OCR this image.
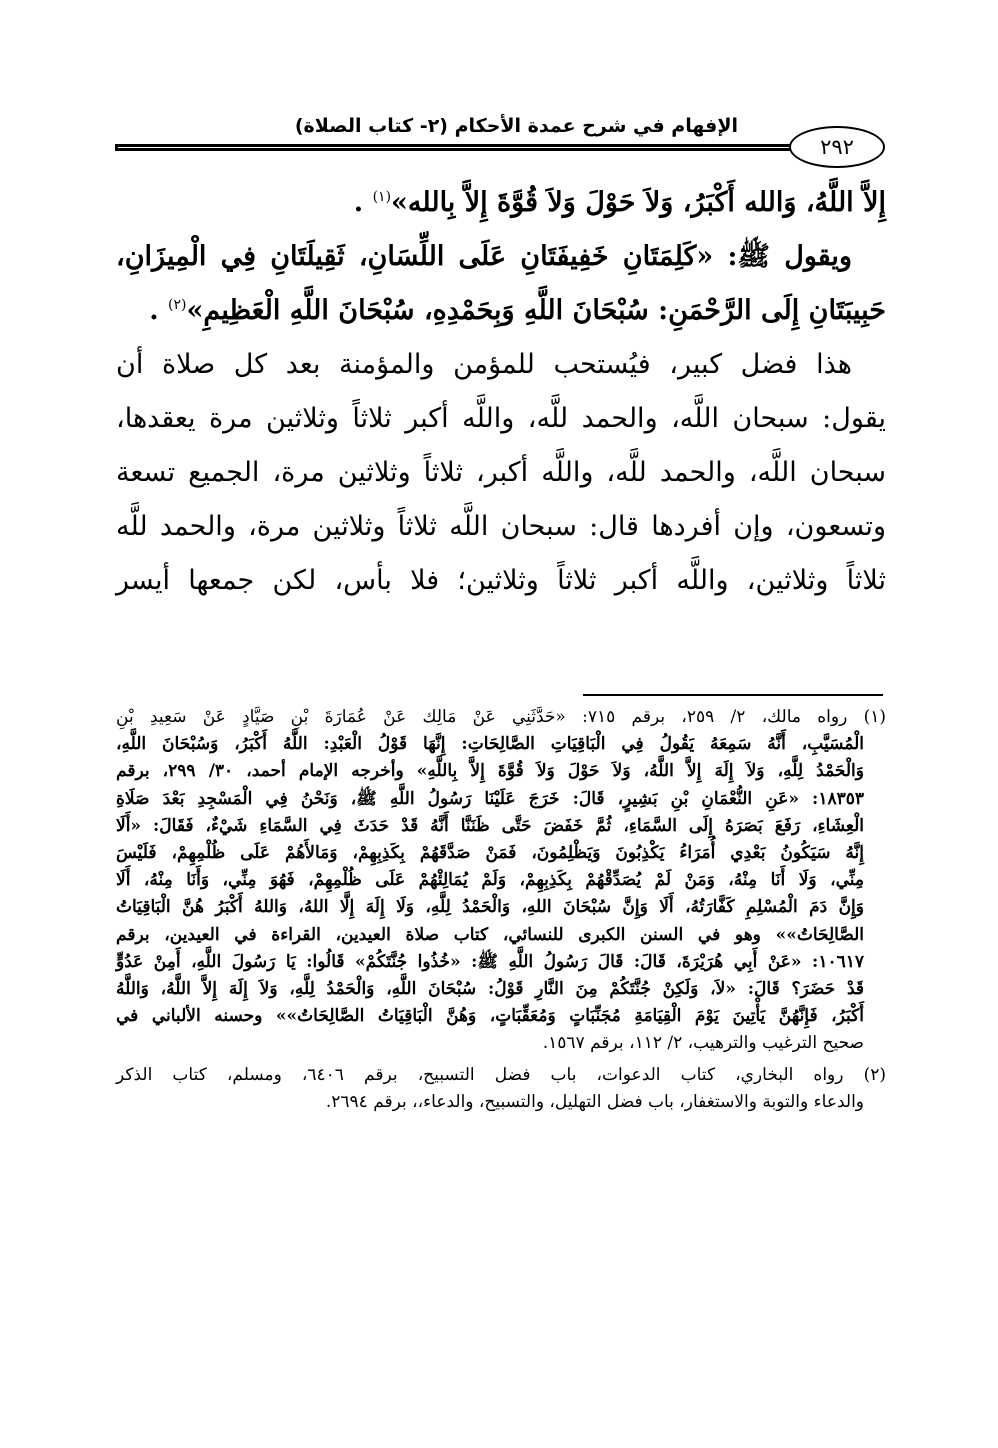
الإفهام في شرح عمدة الأحكام (٢- كتاب الصلاة)
٢٩٢
إِلاَّ اللَّهُ، وَالله أَكْبَرُ، وَلاَ حَوْلَ وَلاَ قُوَّةَ إِلاَّ بِالله»$^{(١)}$ .
ويقول ﷺ: «كَلِمَتَانِ خَفِيفَتَانِ عَلَى اللِّسَانِ، ثَقِيلَتَانِ فِي الْمِيزَانِ،
حَبِيبَتَانِ إِلَى الرَّحْمَنِ: سُبْحَانَ اللَّهِ وَبِحَمْدِهِ، سُبْحَانَ اللَّهِ الْعَظِيمِ»$^{(٢)}$ .
هذا فضل كبير، فيُستحب للمؤمن والمؤمنة بعد كل صلاة أن
يقول: سبحان اللَّه، والحمد للَّه، واللَّه أكبر ثلاثاً وثلاثين مرة يعقدها،
سبحان اللَّه، والحمد للَّه، واللَّه أكبر، ثلاثاً وثلاثين مرة، الجميع تسعة
وتسعون، وإن أفردها قال: سبحان اللَّه ثلاثاً وثلاثين مرة، والحمد للَّه
ثلاثاً وثلاثين، واللَّه أكبر ثلاثاً وثلاثين؛ فلا بأس، لكن جمعها أيسر
(١) رواه مالك، ٢/ ٢٥٩، برقم ٧١٥: «حَدَّثَنِي عَنْ مَالِك عَنْ عُمَارَةَ بْنِ صَيَّادٍ عَنْ سَعِيدِ بْنِ
الْمُسَيَّبِ، أَنَّهُ سَمِعَهُ يَقُولُ فِي الْبَاقِيَاتِ الصَّالِحَاتِ: إِنَّهَا قَوْلُ الْعَبْدِ: اللَّهُ أَكْبَرُ، وَسُبْحَانَ اللَّهِ،
وَالْحَمْدُ لِلَّهِ، وَلاَ إِلَهَ إِلاَّ اللَّهُ، وَلاَ حَوْلَ وَلاَ قُوَّةَ إِلاَّ بِاللَّهِ» وأخرجه الإمام أحمد، ٣٠/ ٢٩٩، برقم
١٨٣٥٣: «عَنِ النُّعْمَانِ بْنِ بَشِيرٍ، قَالَ: خَرَجَ عَلَيْنَا رَسُولُ اللَّهِ ﷺ، وَنَحْنُ فِي الْمَسْجِدِ بَعْدَ صَلَاةِ
الْعِشَاءِ، رَفَعَ بَصَرَهُ إِلَى السَّمَاءِ، ثُمَّ خَفَضَ حَتَّى ظَنَنَّا أَنَّهُ قَدْ حَدَثَ فِي السَّمَاءِ شَيْءٌ، فَقَالَ: «أَلَا
إِنَّهُ سَيَكُونُ بَعْدِي أُمَرَاءُ يَكْذِبُونَ وَيَظْلِمُونَ، فَمَنْ صَدَّقَهُمْ بِكَذِبِهِمْ، وَمَالأَهُمْ عَلَى ظُلْمِهِمْ، فَلَيْسَ
مِنِّي، وَلَا أَنَا مِنْهُ، وَمَنْ لَمْ يُصَدِّقْهُمْ بِكَذِبِهِمْ، وَلَمْ يُمَالِئْهُمْ عَلَى ظُلْمِهِمْ، فَهُوَ مِنِّي، وَأَنَا مِنْهُ، أَلَا
وَإِنَّ دَمَ الْمُسْلِمِ كَفَّارَتُهُ، أَلَا وَإِنَّ سُبْحَانَ اللهِ، وَالْحَمْدُ لِلَّهِ، وَلَا إِلَهَ إِلَّا اللهُ، وَاللهُ أَكْبَرُ هُنَّ الْبَاقِيَاتُ
الصَّالِحَاتُ»» وهو في السنن الكبرى للنسائي، كتاب صلاة العيدين، القراءة في العيدين، برقم
١٠٦١٧: «عَنْ أَبِي هُرَيْرَةَ، قَالَ: قَالَ رَسُولُ اللَّهِ ﷺ: «خُذُوا جُنَّتَكُمْ» قَالُوا: يَا رَسُولَ اللَّهِ، أَمِنْ عَدُوٍّ
قَدْ حَضَرَ؟ قَالَ: «لاَ، وَلَكِنْ جُنَّتَكُمْ مِنَ النَّارِ قَوْلُ: سُبْحَانَ اللَّهِ، وَالْحَمْدُ لِلَّهِ، وَلاَ إِلَهَ إِلاَّ اللَّهُ، وَاللَّهُ
أَكْبَرُ، فَإِنَّهُنَّ يَأْتِينَ يَوْمَ الْقِيَامَةِ مُجَنِّبَاتٍ وَمُعَقِّبَاتٍ، وَهُنَّ الْبَاقِيَاتُ الصَّالِحَاتُ»» وحسنه الألباني في
صحيح الترغيب والترهيب، ٢/ ١١٢، برقم ١٥٦٧.
(٢) رواه البخاري، كتاب الدعوات، باب فضل التسبيح، برقم ٦٤٠٦، ومسلم، كتاب الذكر
والدعاء والتوبة والاستغفار، باب فضل التهليل، والتسبيح، والدعاء،، برقم ٢٦٩٤.
